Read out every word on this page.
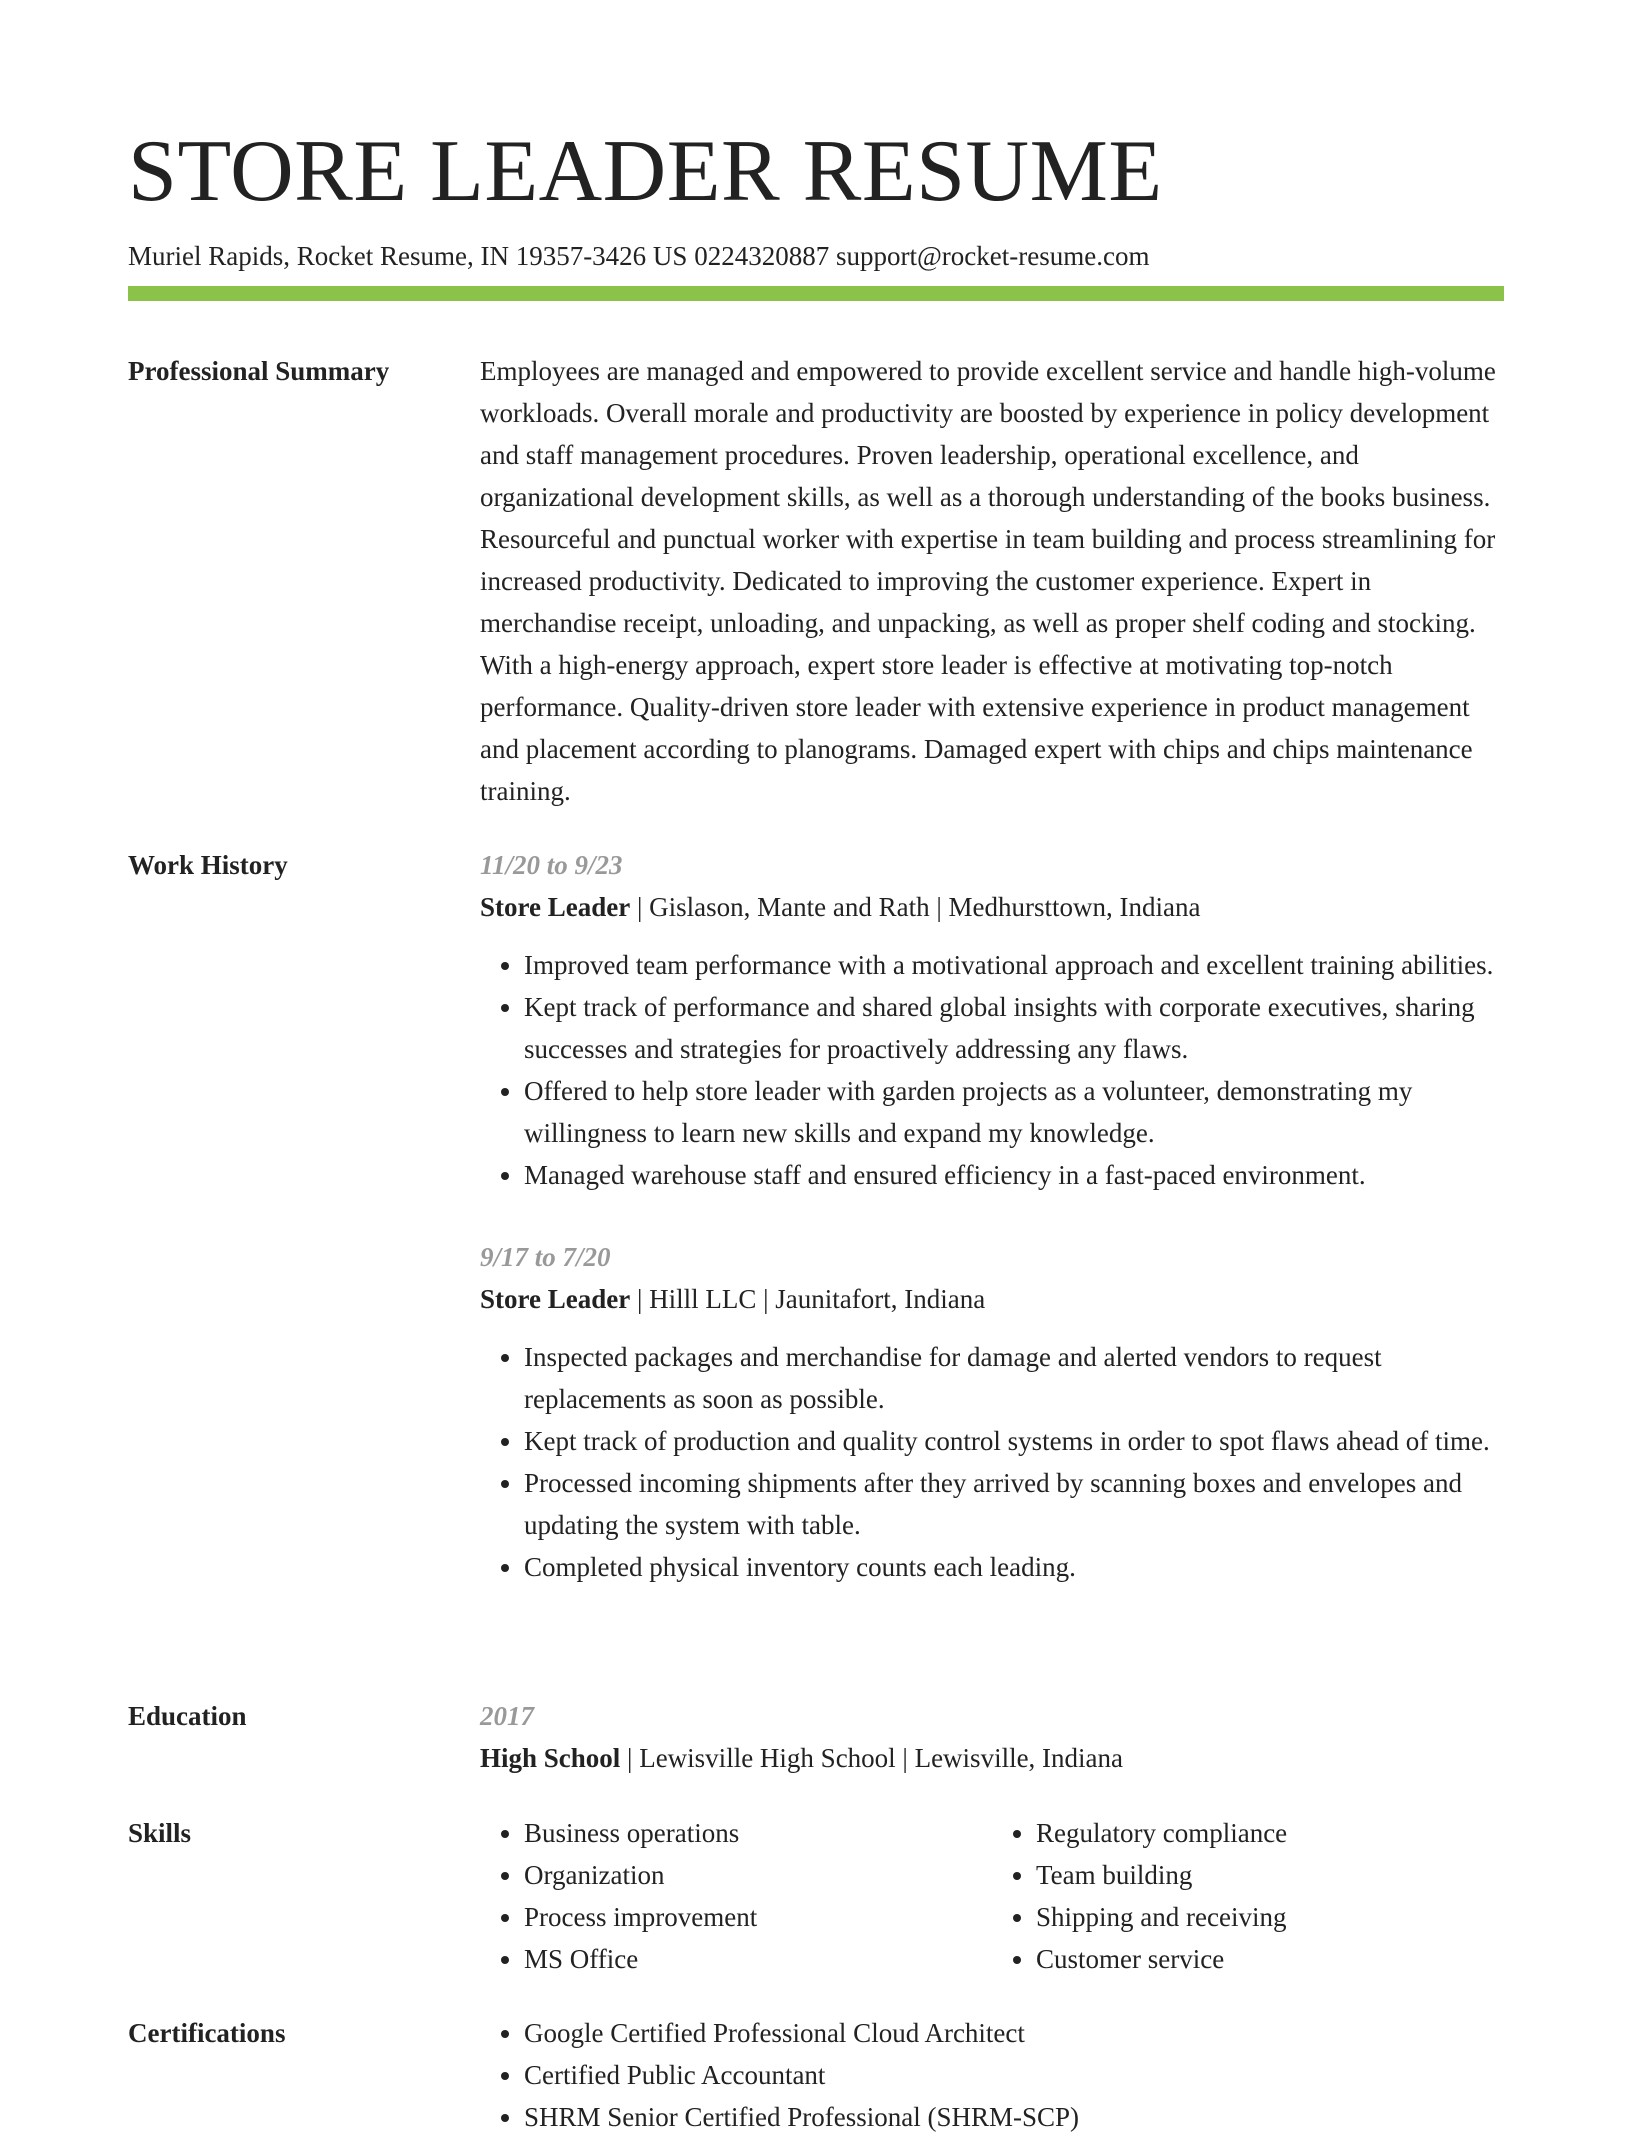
STORE LEADER RESUME
Muriel Rapids, Rocket Resume, IN 19357-3426 US 0224320887 support@rocket-resume.com
Professional Summary	Employees are managed and empowered to provide excellent service and handle high-volume workloads. Overall morale and productivity are boosted by experience in policy development and staff management procedures. Proven leadership, operational excellence, and organizational development skills, as well as a thorough understanding of the books business. Resourceful and punctual worker with expertise in team building and process streamlining for increased productivity. Dedicated to improving the customer experience. Expert in merchandise receipt, unloading, and unpacking, as well as proper shelf coding and stocking. With a high-energy approach, expert store leader is effective at motivating top-notch performance. Quality-driven store leader with extensive experience in product management and placement according to planograms. Damaged expert with chips and chips maintenance training.

Work History	11/20 to 9/23
Store Leader | Gislason, Mante and Rath | Medhursttown, Indiana
• Improved team performance with a motivational approach and excellent training abilities.
• Kept track of performance and shared global insights with corporate executives, sharing successes and strategies for proactively addressing any flaws.
• Offered to help store leader with garden projects as a volunteer, demonstrating my willingness to learn new skills and expand my knowledge.
• Managed warehouse staff and ensured efficiency in a fast-paced environment.
9/17 to 7/20
Store Leader | Hilll LLC | Jaunitafort, Indiana
• Inspected packages and merchandise for damage and alerted vendors to request replacements as soon as possible.
• Kept track of production and quality control systems in order to spot flaws ahead of time.
• Processed incoming shipments after they arrived by scanning boxes and envelopes and updating the system with table.
• Completed physical inventory counts each leading.
Education	2017
High School | Lewisville High School | Lewisville, Indiana
Skills	• Business operations
• Organization
• Process improvement
• MS Office
• Regulatory compliance
• Team building
• Shipping and receiving
• Customer service
Certifications	• Google Certified Professional Cloud Architect
• Certified Public Accountant
• SHRM Senior Certified Professional (SHRM-SCP)
